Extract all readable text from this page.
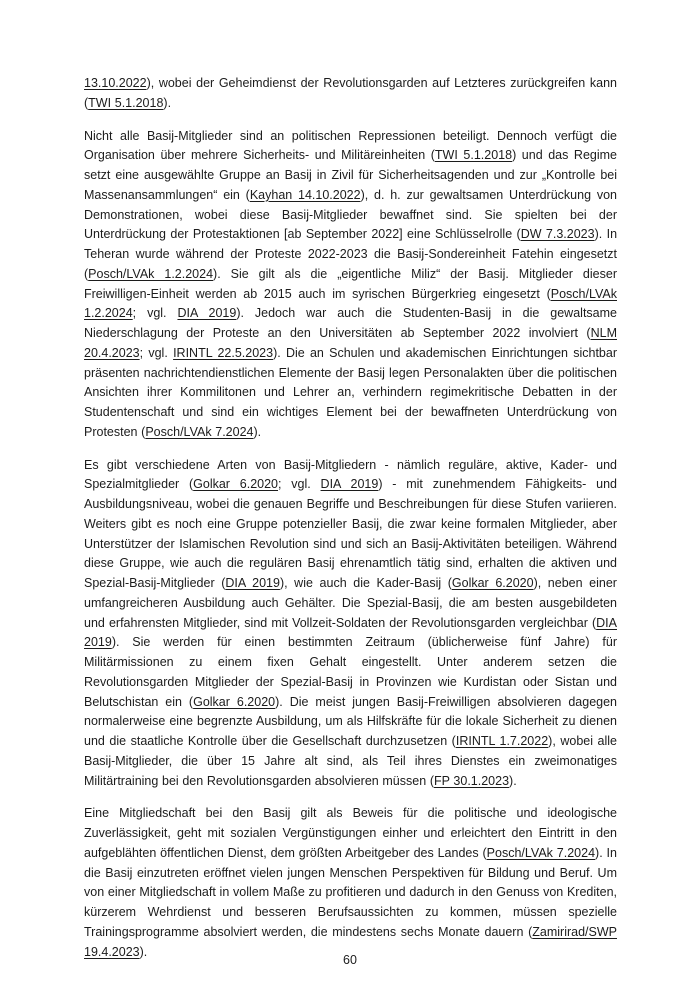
13.10.2022), wobei der Geheimdienst der Revolutionsgarden auf Letzteres zurückgreifen kann (TWI 5.1.2018).

Nicht alle Basij-Mitglieder sind an politischen Repressionen beteiligt. Dennoch verfügt die Organisation über mehrere Sicherheits- und Militäreinheiten (TWI 5.1.2018) und das Regime setzt eine ausgewählte Gruppe an Basij in Zivil für Sicherheitsagenden und zur „Kontrolle bei Massenansammlungen“ ein (Kayhan 14.10.2022), d. h. zur gewaltsamen Unterdrückung von Demonstrationen, wobei diese Basij-Mitglieder bewaffnet sind. Sie spielten bei der Unterdrückung der Protestaktionen [ab September 2022] eine Schlüsselrolle (DW 7.3.2023). In Teheran wurde während der Proteste 2022-2023 die Basij-Sondereinheit Fatehin eingesetzt (Posch/LVAk 1.2.2024). Sie gilt als die „eigentliche Miliz“ der Basij. Mitglieder dieser Freiwilligen-Einheit werden ab 2015 auch im syrischen Bürgerkrieg eingesetzt (Posch/LVAk 1.2.2024; vgl. DIA 2019). Jedoch war auch die Studenten-Basij in die gewaltsame Niederschlagung der Proteste an den Universitäten ab September 2022 involviert (NLM 20.4.2023; vgl. IRINTL 22.5.2023). Die an Schulen und akademischen Einrichtungen sichtbar präsenten nachrichtendienstlichen Elemente der Basij legen Personalakten über die politischen Ansichten ihrer Kommilitonen und Lehrer an, verhindern regimekritische Debatten in der Studentenschaft und sind ein wichtiges Element bei der bewaffneten Unterdrückung von Protesten (Posch/LVAk 7.2024).

Es gibt verschiedene Arten von Basij-Mitgliedern - nämlich reguläre, aktive, Kader- und Spezialmitglieder (Golkar 6.2020; vgl. DIA 2019) - mit zunehmendem Fähigkeits- und Ausbildungsniveau, wobei die genauen Begriffe und Beschreibungen für diese Stufen variieren. Weiters gibt es noch eine Gruppe potenzieller Basij, die zwar keine formalen Mitglieder, aber Unterstützer der Islamischen Revolution sind und sich an Basij-Aktivitäten beteiligen. Während diese Gruppe, wie auch die regulären Basij ehrenamtlich tätig sind, erhalten die aktiven und Spezial-Basij-Mitglieder (DIA 2019), wie auch die Kader-Basij (Golkar 6.2020), neben einer umfangreicheren Ausbildung auch Gehälter. Die Spezial-Basij, die am besten ausgebildeten und erfahrensten Mitglieder, sind mit Vollzeit-Soldaten der Revolutionsgarden vergleichbar (DIA 2019). Sie werden für einen bestimmten Zeitraum (üblicherweise fünf Jahre) für Militärmissionen zu einem fixen Gehalt eingestellt. Unter anderem setzen die Revolutionsgarden Mitglieder der Spezial-Basij in Provinzen wie Kurdistan oder Sistan und Belutschistan ein (Golkar 6.2020). Die meist jungen Basij-Freiwilligen absolvieren dagegen normalerweise eine begrenzte Ausbildung, um als Hilfskräfte für die lokale Sicherheit zu dienen und die staatliche Kontrolle über die Gesellschaft durchzusetzen (IRINTL 1.7.2022), wobei alle Basij-Mitglieder, die über 15 Jahre alt sind, als Teil ihres Dienstes ein zweimonatiges Militärtraining bei den Revolutionsgarden absolvieren müssen (FP 30.1.2023).

Eine Mitgliedschaft bei den Basij gilt als Beweis für die politische und ideologische Zuverlässigkeit, geht mit sozialen Vergünstigungen einher und erleichtert den Eintritt in den aufgeblähten öffentlichen Dienst, dem größten Arbeitgeber des Landes (Posch/LVAk 7.2024). In die Basij einzutreten eröffnet vielen jungen Menschen Perspektiven für Bildung und Beruf. Um von einer Mitgliedschaft in vollem Maße zu profitieren und dadurch in den Genuss von Krediten, kürzerem Wehrdienst und besseren Berufsaussichten zu kommen, müssen spezielle Trainingsprogramme absolviert werden, die mindestens sechs Monate dauern (Zamirirad/SWP 19.4.2023).

60
